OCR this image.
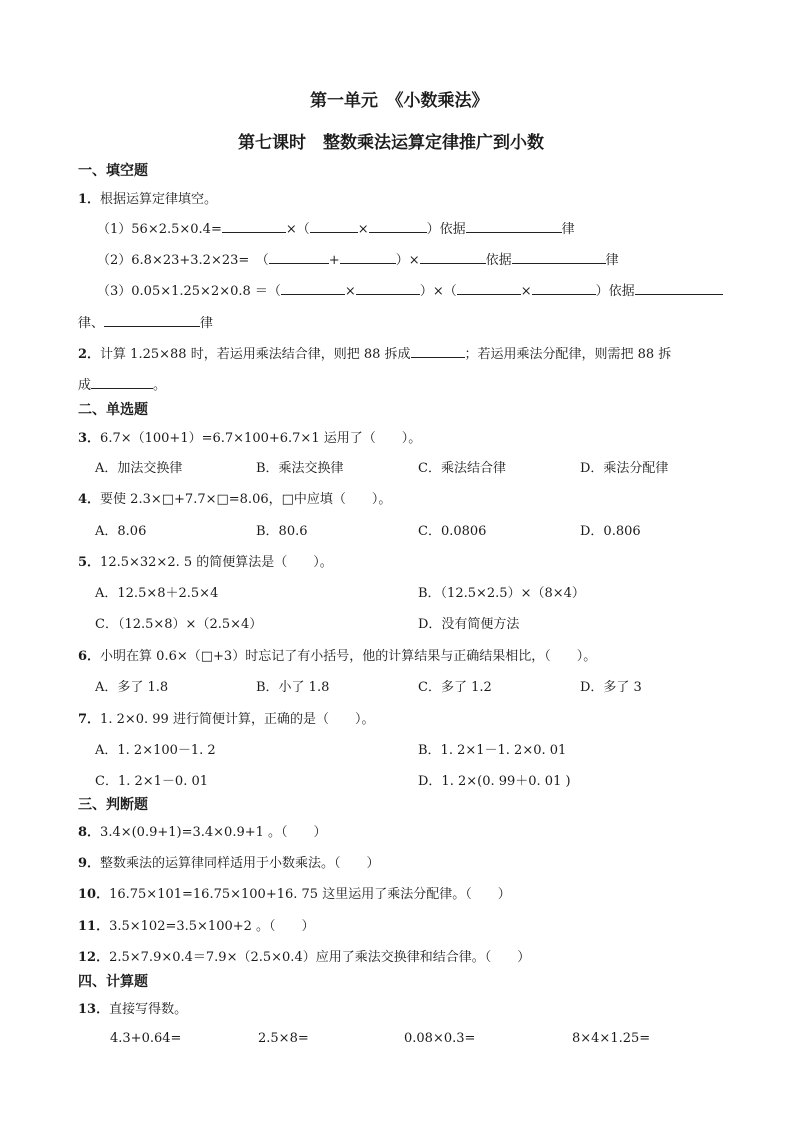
第一单元　《小数乘法》
第七课时　整数乘法运算定律推广到小数
一、填空题
1．根据运算定律填空。
（1）56×2.5×0.4=	×（	×	）依据	律
（2）6.8×23+3.2×23=　（	+	）×	依据	律
（3）0.05×1.25×2×0.8 ＝（	×	）×（	×	）依据
律、	律
2．计算 1.25×88 时，若运用乘法结合律，则把 88 拆成	；若运用乘法分配律，则需把 88 拆
成	。
二、单选题
3．6.7×（100+1）=6.7×100+6.7×1 运用了（　　）。
A．加法交换律	B．乘法交换律	C．乘法结合律	D．乘法分配律
4．要使 2.3×□+7.7×□=8.06，□中应填（　　）。
A．8.06	B．80.6	C．0.0806	D．0.806
5．12.5×32×2. 5 的简便算法是（　　）。
A．12.5×8＋2.5×4	B．（12.5×2.5）×（8×4）
C．（12.5×8）×（2.5×4）	D．没有简便方法
6．小明在算 0.6×（□+3）时忘记了有小括号，他的计算结果与正确结果相比，（　　）。
A．多了 1.8	B．小了 1.8	C．多了 1.2	D．多了 3
7．1. 2×0. 99 进行简便计算，正确的是（　　）。
A．1. 2×100－1. 2	B．1. 2×1－1. 2×0. 01
C．1. 2×1－0. 01	D．1. 2×(0. 99＋0. 01 )
三、判断题
8．3.4×(0.9+1)=3.4×0.9+1 。（　　）
9．整数乘法的运算律同样适用于小数乘法。（　　）
10．16.75×101=16.75×100+16. 75 这里运用了乘法分配律。（　　）
11．3.5×102=3.5×100+2 。（　　）
12．2.5×7.9×0.4＝7.9×（2.5×0.4）应用了乘法交换律和结合律。（　　）
四、计算题
13．直接写得数。
4.3+0.64=	2.5×8=	0.08×0.3=	8×4×1.25=
